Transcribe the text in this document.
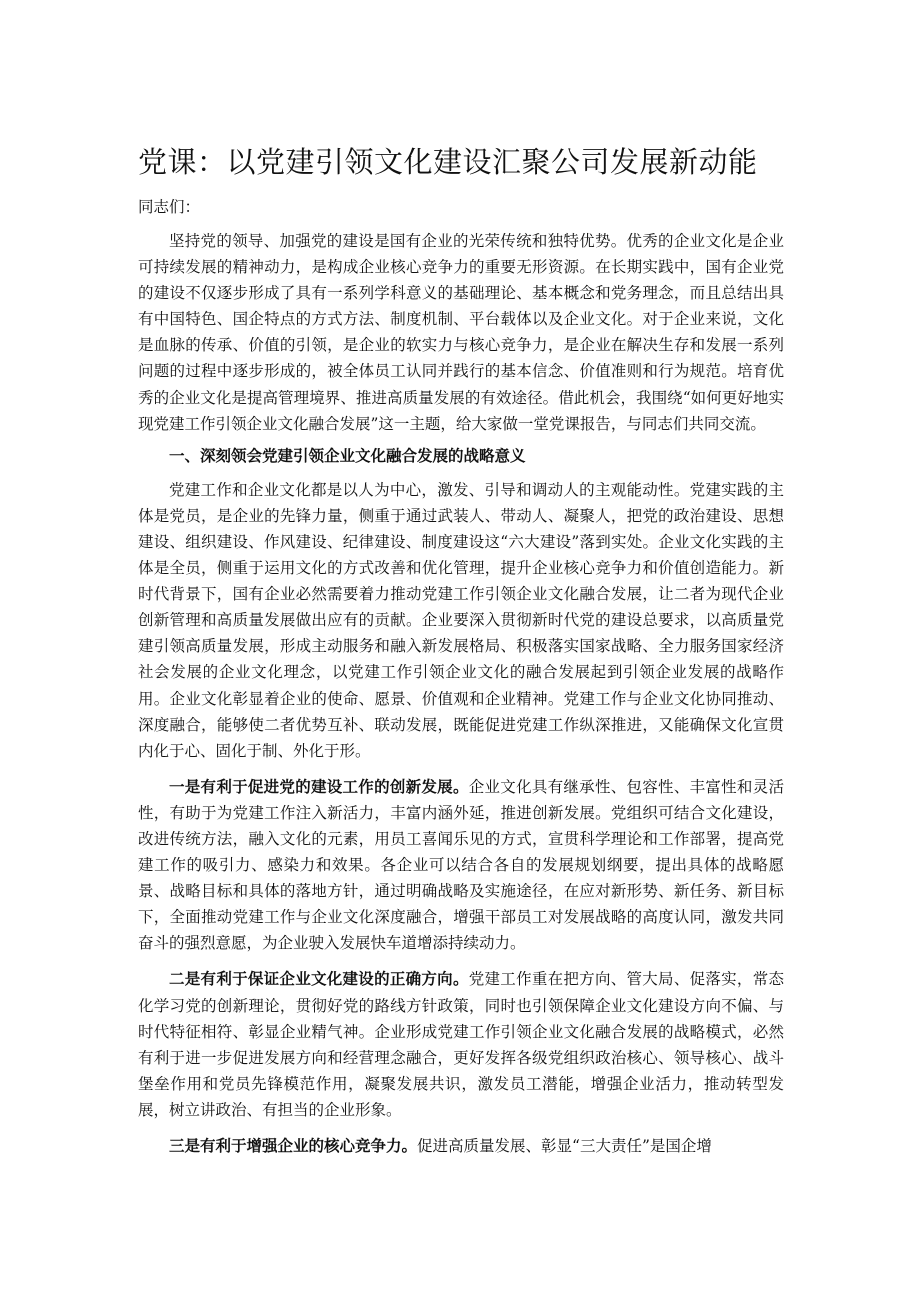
党课：以党建引领文化建设汇聚公司发展新动能

同志们：

坚持党的领导、加强党的建设是国有企业的光荣传统和独特优势。优秀的企业文化是企业可持续发展的精神动力，是构成企业核心竞争力的重要无形资源。在长期实践中，国有企业党的建设不仅逐步形成了具有一系列学科意义的基础理论、基本概念和党务理念，而且总结出具有中国特色、国企特点的方式方法、制度机制、平台载体以及企业文化。对于企业来说，文化是血脉的传承、价值的引领，是企业的软实力与核心竞争力，是企业在解决生存和发展一系列问题的过程中逐步形成的，被全体员工认同并践行的基本信念、价值准则和行为规范。培育优秀的企业文化是提高管理境界、推进高质量发展的有效途径。借此机会，我围绕“如何更好地实现党建工作引领企业文化融合发展”这一主题，给大家做一堂党课报告，与同志们共同交流。

一、深刻领会党建引领企业文化融合发展的战略意义

党建工作和企业文化都是以人为中心，激发、引导和调动人的主观能动性。党建实践的主体是党员，是企业的先锋力量，侧重于通过武装人、带动人、凝聚人，把党的政治建设、思想建设、组织建设、作风建设、纪律建设、制度建设这“六大建设”落到实处。企业文化实践的主体是全员，侧重于运用文化的方式改善和优化管理，提升企业核心竞争力和价值创造能力。新时代背景下，国有企业必然需要着力推动党建工作引领企业文化融合发展，让二者为现代企业创新管理和高质量发展做出应有的贡献。企业要深入贯彻新时代党的建设总要求，以高质量党建引领高质量发展，形成主动服务和融入新发展格局、积极落实国家战略、全力服务国家经济社会发展的企业文化理念，以党建工作引领企业文化的融合发展起到引领企业发展的战略作用。企业文化彰显着企业的使命、愿景、价值观和企业精神。党建工作与企业文化协同推动、深度融合，能够使二者优势互补、联动发展，既能促进党建工作纵深推进，又能确保文化宣贯内化于心、固化于制、外化于形。

一是有利于促进党的建设工作的创新发展。企业文化具有继承性、包容性、丰富性和灵活性，有助于为党建工作注入新活力，丰富内涵外延，推进创新发展。党组织可结合文化建设，改进传统方法，融入文化的元素，用员工喜闻乐见的方式，宣贯科学理论和工作部署，提高党建工作的吸引力、感染力和效果。各企业可以结合各自的发展规划纲要，提出具体的战略愿景、战略目标和具体的落地方针，通过明确战略及实施途径，在应对新形势、新任务、新目标下，全面推动党建工作与企业文化深度融合，增强干部员工对发展战略的高度认同，激发共同奋斗的强烈意愿，为企业驶入发展快车道增添持续动力。

二是有利于保证企业文化建设的正确方向。党建工作重在把方向、管大局、促落实，常态化学习党的创新理论，贯彻好党的路线方针政策，同时也引领保障企业文化建设方向不偏、与时代特征相符、彰显企业精气神。企业形成党建工作引领企业文化融合发展的战略模式，必然有利于进一步促进发展方向和经营理念融合，更好发挥各级党组织政治核心、领导核心、战斗堡垒作用和党员先锋模范作用，凝聚发展共识，激发员工潜能，增强企业活力，推动转型发展，树立讲政治、有担当的企业形象。

三是有利于增强企业的核心竞争力。促进高质量发展、彰显“三大责任”是国企增
